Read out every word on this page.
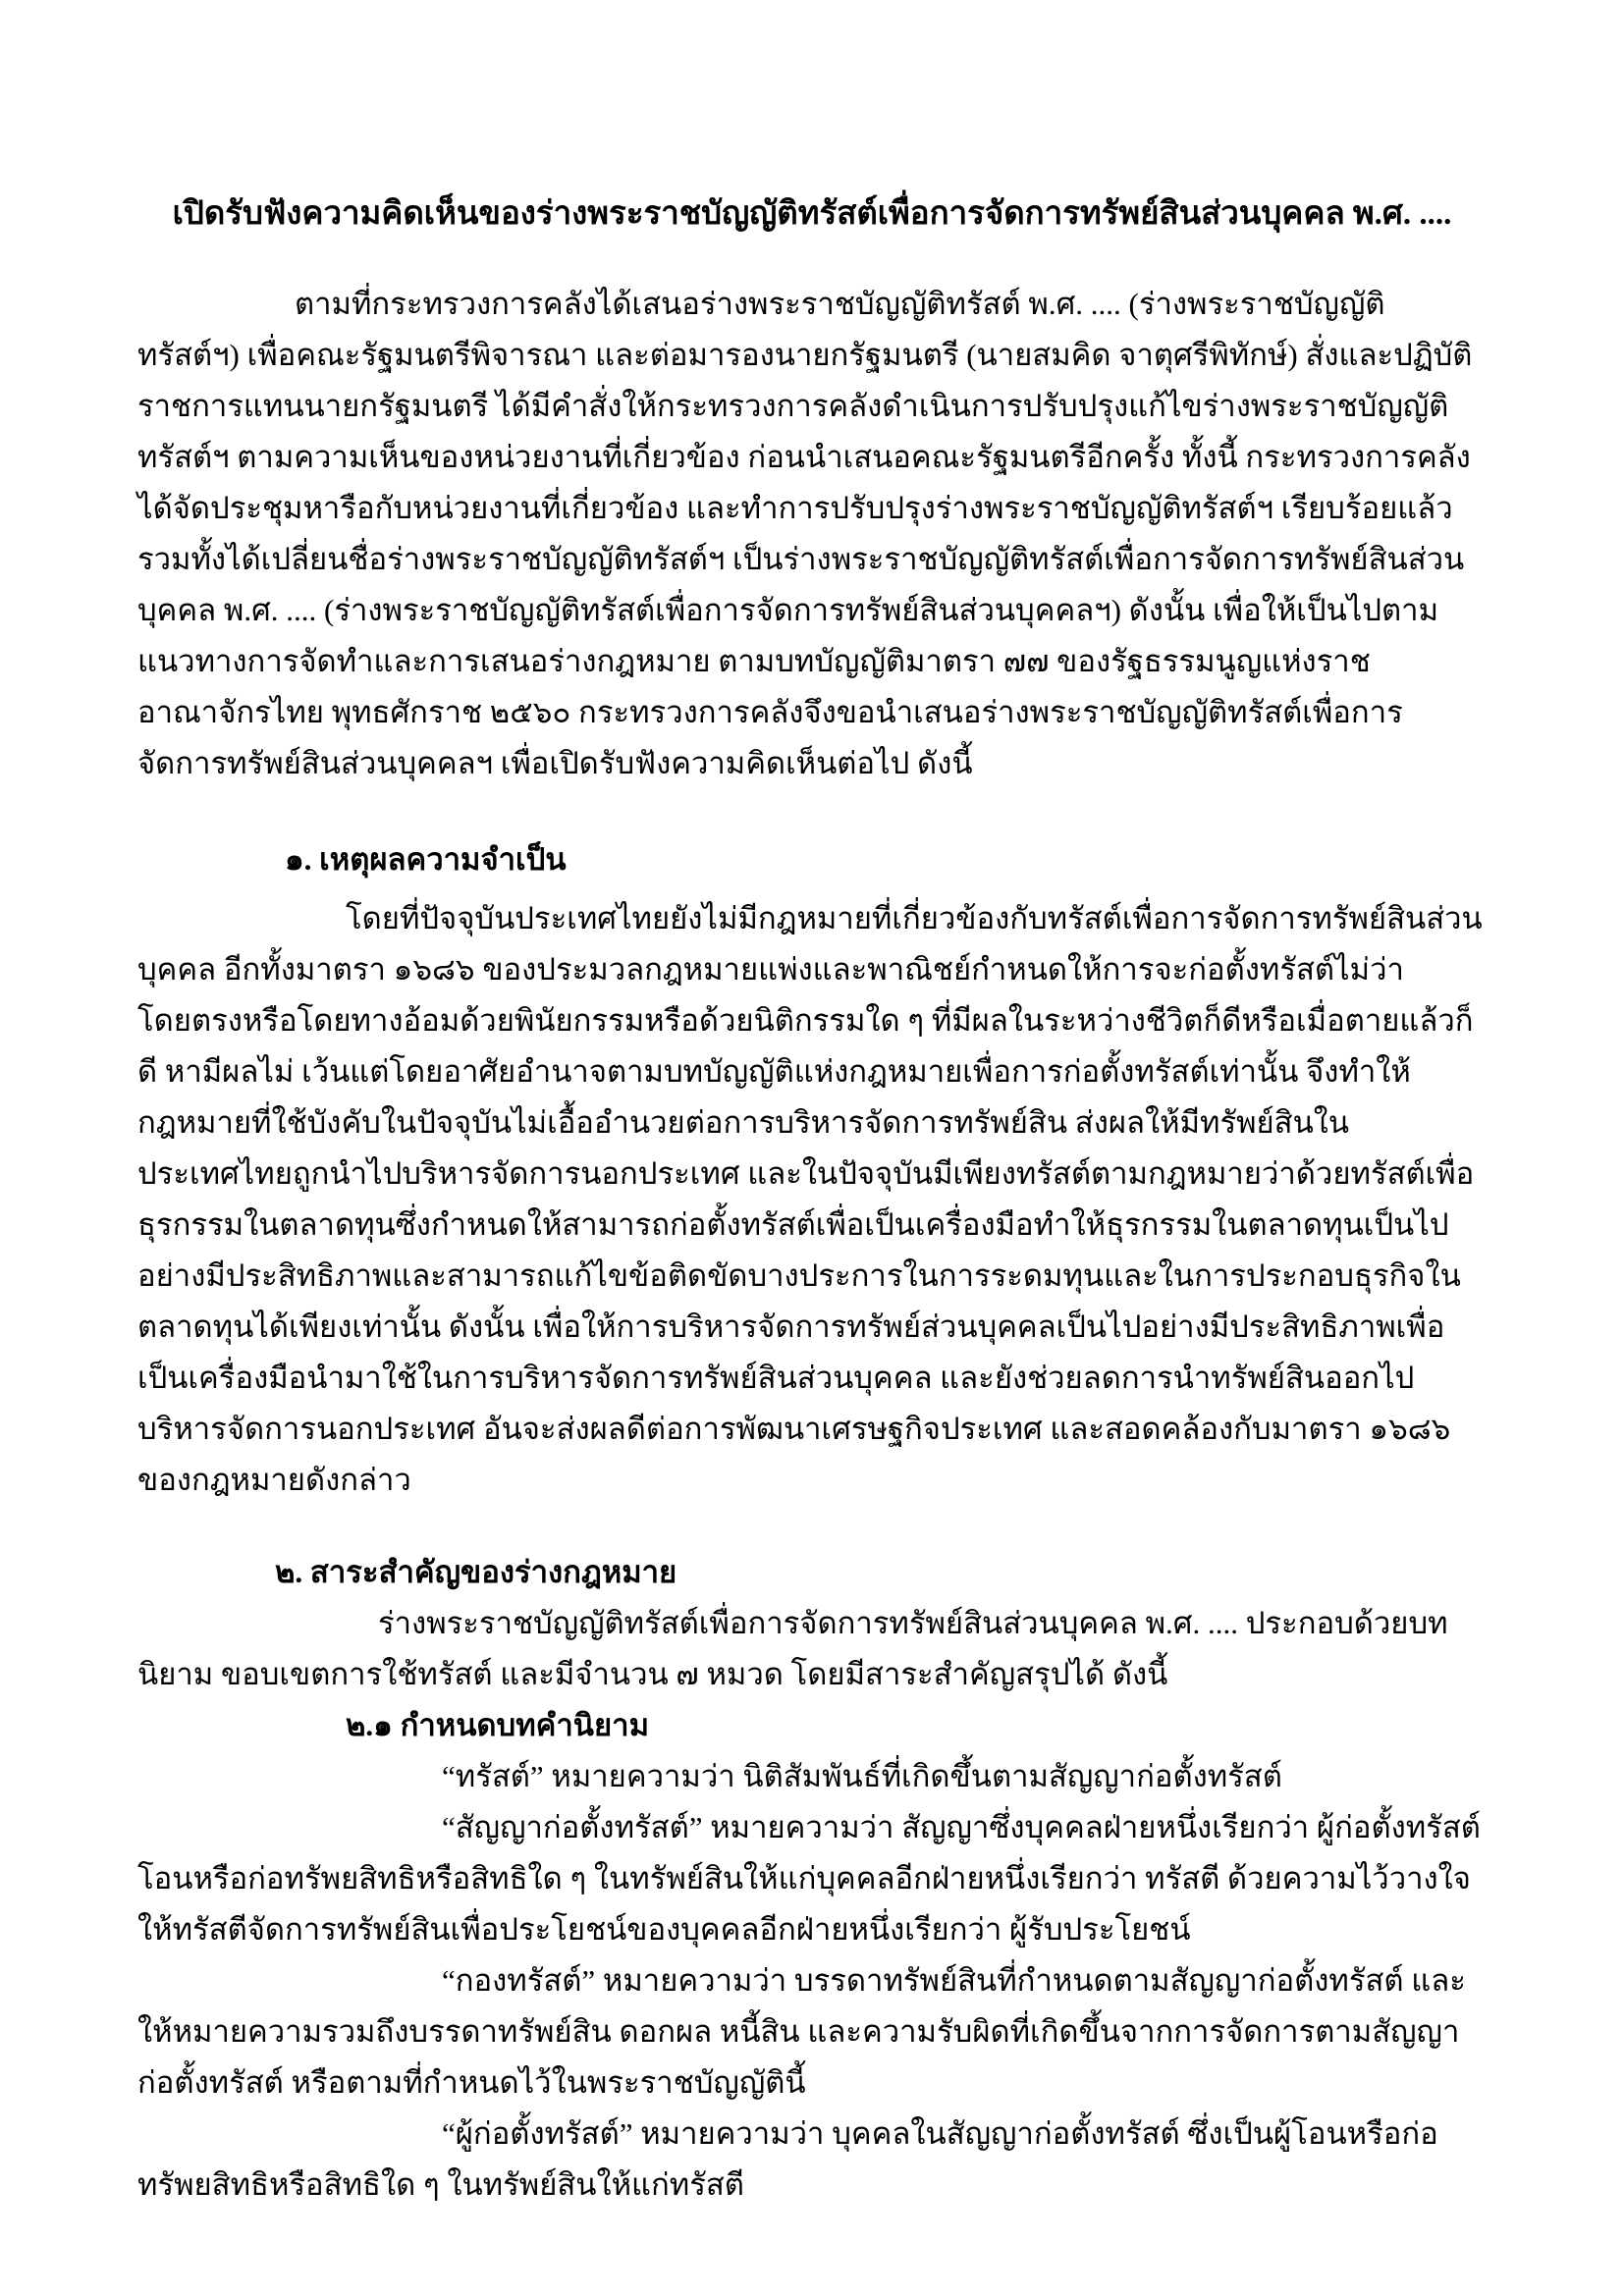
เปิดรับฟังความคิดเห็นของร่างพระราชบัญญัติทรัสต์เพื่อการจัดการทรัพย์สินส่วนบุคคล พ.ศ. ....

ตามที่กระทรวงการคลังได้เสนอร่างพระราชบัญญัติทรัสต์ พ.ศ. .... (ร่างพระราชบัญญัติทรัสต์ฯ) เพื่อคณะรัฐมนตรีพิจารณา และต่อมารองนายกรัฐมนตรี (นายสมคิด จาตุศรีพิทักษ์) สั่งและปฏิบัติราชการแทนนายกรัฐมนตรี ได้มีคำสั่งให้กระทรวงการคลังดำเนินการปรับปรุงแก้ไขร่างพระราชบัญญัติทรัสต์ฯ ตามความเห็นของหน่วยงานที่เกี่ยวข้อง ก่อนนำเสนอคณะรัฐมนตรีอีกครั้ง ทั้งนี้ กระทรวงการคลังได้จัดประชุมหารือกับหน่วยงานที่เกี่ยวข้อง และทำการปรับปรุงร่างพระราชบัญญัติทรัสต์ฯ เรียบร้อยแล้ว รวมทั้งได้เปลี่ยนชื่อร่างพระราชบัญญัติทรัสต์ฯ เป็นร่างพระราชบัญญัติทรัสต์เพื่อการจัดการทรัพย์สินส่วนบุคคล พ.ศ. .... (ร่างพระราชบัญญัติทรัสต์เพื่อการจัดการทรัพย์สินส่วนบุคคลฯ) ดังนั้น เพื่อให้เป็นไปตามแนวทางการจัดทำและการเสนอร่างกฎหมาย ตามบทบัญญัติมาตรา ๗๗ ของรัฐธรรมนูญแห่งราชอาณาจักรไทย พุทธศักราช ๒๕๖๐ กระทรวงการคลังจึงขอนำเสนอร่างพระราชบัญญัติทรัสต์เพื่อการจัดการทรัพย์สินส่วนบุคคลฯ เพื่อเปิดรับฟังความคิดเห็นต่อไป ดังนี้

๑. เหตุผลความจำเป็น

โดยที่ปัจจุบันประเทศไทยยังไม่มีกฎหมายที่เกี่ยวข้องกับทรัสต์เพื่อการจัดการทรัพย์สินส่วนบุคคล อีกทั้งมาตรา ๑๖๘๖ ของประมวลกฎหมายแพ่งและพาณิชย์กำหนดให้การจะก่อตั้งทรัสต์ไม่ว่าโดยตรงหรือโดยทางอ้อมด้วยพินัยกรรมหรือด้วยนิติกรรมใด ๆ ที่มีผลในระหว่างชีวิตก็ดีหรือเมื่อตายแล้วก็ดี หามีผลไม่ เว้นแต่โดยอาศัยอำนาจตามบทบัญญัติแห่งกฎหมายเพื่อการก่อตั้งทรัสต์เท่านั้น จึงทำให้กฎหมายที่ใช้บังคับในปัจจุบันไม่เอื้ออำนวยต่อการบริหารจัดการทรัพย์สิน ส่งผลให้มีทรัพย์สินในประเทศไทยถูกนำไปบริหารจัดการนอกประเทศ และในปัจจุบันมีเพียงทรัสต์ตามกฎหมายว่าด้วยทรัสต์เพื่อธุรกรรมในตลาดทุนซึ่งกำหนดให้สามารถก่อตั้งทรัสต์เพื่อเป็นเครื่องมือทำให้ธุรกรรมในตลาดทุนเป็นไปอย่างมีประสิทธิภาพและสามารถแก้ไขข้อติดขัดบางประการในการระดมทุนและในการประกอบธุรกิจในตลาดทุนได้เพียงเท่านั้น ดังนั้น เพื่อให้การบริหารจัดการทรัพย์ส่วนบุคคลเป็นไปอย่างมีประสิทธิภาพเพื่อเป็นเครื่องมือนำมาใช้ในการบริหารจัดการทรัพย์สินส่วนบุคคล และยังช่วยลดการนำทรัพย์สินออกไปบริหารจัดการนอกประเทศ อันจะส่งผลดีต่อการพัฒนาเศรษฐกิจประเทศ และสอดคล้องกับมาตรา ๑๖๘๖ ของกฎหมายดังกล่าว

๒. สาระสำคัญของร่างกฎหมาย

ร่างพระราชบัญญัติทรัสต์เพื่อการจัดการทรัพย์สินส่วนบุคคล พ.ศ. .... ประกอบด้วยบทนิยาม ขอบเขตการใช้ทรัสต์ และมีจำนวน ๗ หมวด โดยมีสาระสำคัญสรุปได้ ดังนี้

๒.๑ กำหนดบทคำนิยาม

“ทรัสต์” หมายความว่า นิติสัมพันธ์ที่เกิดขึ้นตามสัญญาก่อตั้งทรัสต์

“สัญญาก่อตั้งทรัสต์” หมายความว่า สัญญาซึ่งบุคคลฝ่ายหนึ่งเรียกว่า ผู้ก่อตั้งทรัสต์ โอนหรือก่อทรัพยสิทธิหรือสิทธิใด ๆ ในทรัพย์สินให้แก่บุคคลอีกฝ่ายหนึ่งเรียกว่า ทรัสตี ด้วยความไว้วางใจให้ทรัสตีจัดการทรัพย์สินเพื่อประโยชน์ของบุคคลอีกฝ่ายหนึ่งเรียกว่า ผู้รับประโยชน์

“กองทรัสต์” หมายความว่า บรรดาทรัพย์สินที่กำหนดตามสัญญาก่อตั้งทรัสต์ และให้หมายความรวมถึงบรรดาทรัพย์สิน ดอกผล หนี้สิน และความรับผิดที่เกิดขึ้นจากการจัดการตามสัญญาก่อตั้งทรัสต์ หรือตามที่กำหนดไว้ในพระราชบัญญัตินี้

“ผู้ก่อตั้งทรัสต์” หมายความว่า บุคคลในสัญญาก่อตั้งทรัสต์ ซึ่งเป็นผู้โอนหรือก่อทรัพยสิทธิหรือสิทธิใด ๆ ในทรัพย์สินให้แก่ทรัสตี
